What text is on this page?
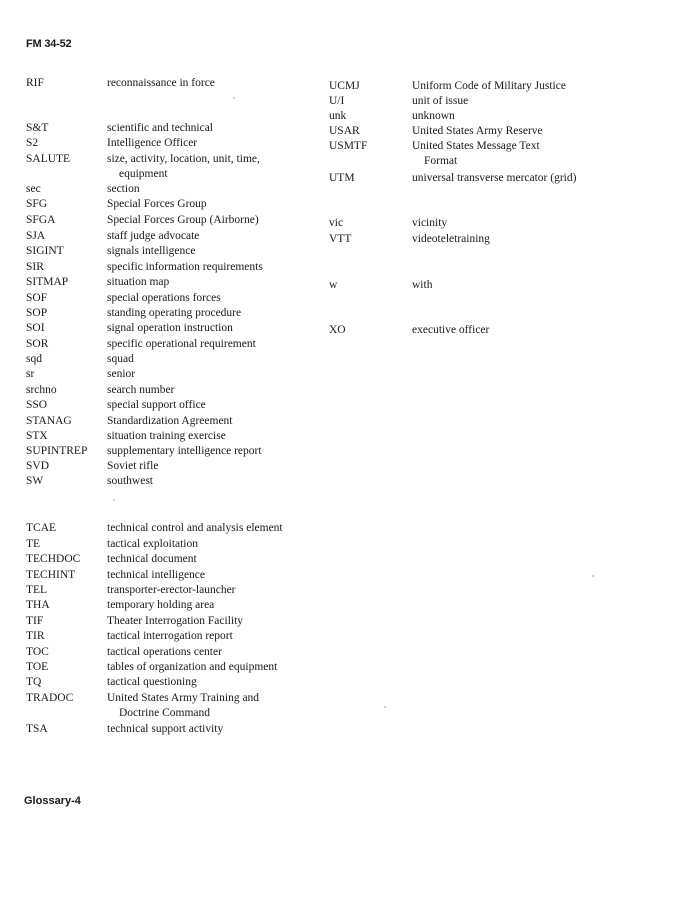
FM 34-52
RIF	reconnaissance in force
S&T	scientific and technical
S2	Intelligence Officer
SALUTE	size, activity, location, unit, time,
equipment
sec	section
SFG	Special Forces Group
SFGA	Special Forces Group (Airborne)
SJA	staff judge advocate
SIGINT	signals intelligence
SIR	specific information requirements
SITMAP	situation map
SOF	special operations forces
SOP	standing operating procedure
SOI	signal operation instruction
SOR	specific operational requirement
sqd	squad
sr	senior
srchno	search number
SSO	special support office
STANAG	Standardization Agreement
STX	situation training exercise
SUPINTREP supplementary intelligence report
SVD	Soviet rifle
SW	southwest
TCAE	technical control and analysis element
TE	tactical exploitation
TECHDOC technical document
TECHINT	technical intelligence
TEL	transporter-erector-launcher
THA	temporary holding area
TIF	Theater Interrogation Facility
TIR	tactical interrogation report
TOC	tactical operations center
TOE	tables of organization and equipment
TQ	tactical questioning
TRADOC	United States Army Training and
Doctrine Command
TSA	technical support activity
UCMJ	Uniform Code of Military Justice
U/I	unit of issue
unk	unknown
USAR	United States Army Reserve
USMTF	United States Message Text
Format
UTM	universal transverse mercator (grid)
vic	vicinity
VTT	videoteletraining
w	with
XO	executive officer
Glossary-4
